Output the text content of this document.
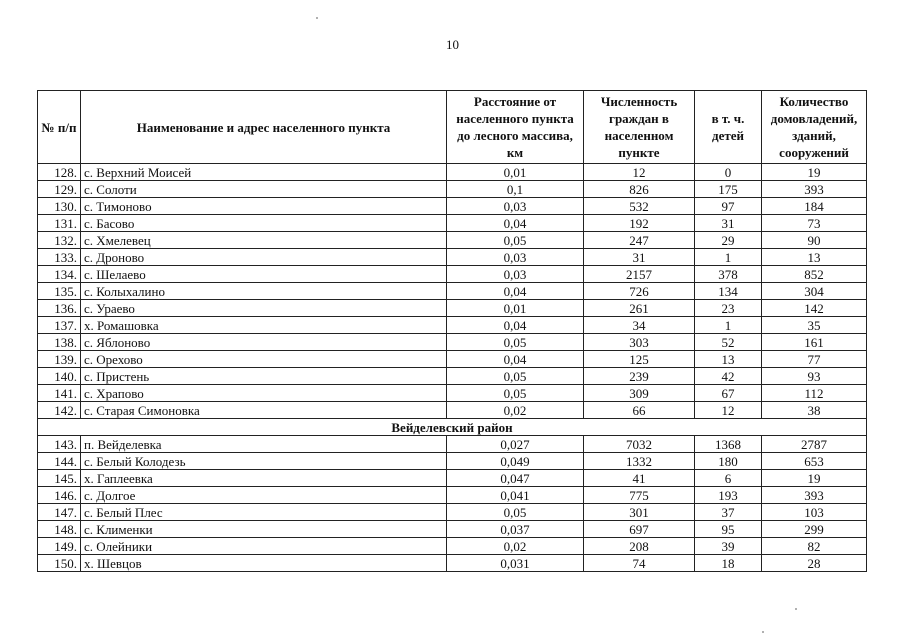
10
№ п/п	Наименование и адрес населенного пункта	Расстояние от населенного пункта до лесного массива, км	Численность граждан в населенном пункте	в т. ч. детей	Количество домовладений, зданий, сооружений
128.	с. Верхний Моисей	0,01	12	0	19
129.	с. Солоти	0,1	826	175	393
130.	с. Тимоново	0,03	532	97	184
131.	с. Басово	0,04	192	31	73
132.	с. Хмелевец	0,05	247	29	90
133.	с. Дроново	0,03	31	1	13
134.	с. Шелаево	0,03	2157	378	852
135.	с. Колыхалино	0,04	726	134	304
136.	с. Ураево	0,01	261	23	142
137.	х. Ромашовка	0,04	34	1	35
138.	с. Яблоново	0,05	303	52	161
139.	с. Орехово	0,04	125	13	77
140.	с. Пристень	0,05	239	42	93
141.	с. Храпово	0,05	309	67	112
142.	с. Старая Симоновка	0,02	66	12	38
Вейделевский район					
143.	п. Вейделевка	0,027	7032	1368	2787
144.	с. Белый Колодезь	0,049	1332	180	653
145.	х. Гаплеевка	0,047	41	6	19
146.	с. Долгое	0,041	775	193	393
147.	с. Белый Плес	0,05	301	37	103
148.	с. Клименки	0,037	697	95	299
149.	с. Олейники	0,02	208	39	82
150.	х. Шевцов	0,031	74	18	28
